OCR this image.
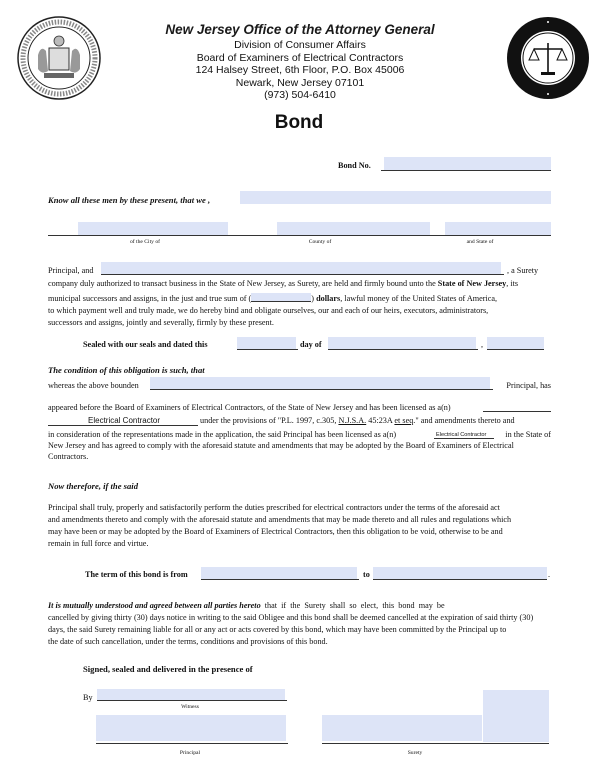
New Jersey Office of the Attorney General
Division of Consumer Affairs
Board of Examiners of Electrical Contractors
124 Halsey Street, 6th Floor, P.O. Box 45006
Newark, New Jersey 07101
(973) 504-6410
Bond
Bond No.
Know all these men by these present, that we ,
of the City of	County of	and State of
Principal, and	, a Surety
company duly authorized to transact business in the State of New Jersey, as Surety, are held and firmly bound unto the State of New Jersey, its
municipal successors and assigns, in the just and true sum of (	) dollars, lawful money of the United States of America,
to which payment well and truly made, we do hereby bind and obligate ourselves, our and each of our heirs, executors, administrators,
successors and assigns, jointly and severally, firmly by these present.
Sealed with our seals and dated this	day of	,
The condition of this obligation is such, that
whereas the above bounden	Principal, has
appeared before the Board of Examiners of Electrical Contractors, of the State of New Jersey and has been licensed as a(n)
Electrical Contractor	under the provisions of "P.L. 1997, c.305, N.J.S.A. 45:23A et seq." and amendments thereto and
in consideration of the representations made in the application, the said Principal has been licensed as a(n)	Electrical Contractor	in the State of
New Jersey and has agreed to comply with the aforesaid statute and amendments that may be adopted by the Board of Examiners of Electrical
Contractors.
Now therefore, if the said
Principal shall truly, properly and satisfactorily perform the duties prescribed for electrical contractors under the terms of the aforesaid act
and amendments thereto and comply with the aforesaid statute and amendments that may be made thereto and all rules and regulations which
may have been or may be adopted by the Board of Examiners of Electrical Contractors, then this obligation to be void, otherwise to be and
remain in full force and virtue.
The term of this bond is from	to	.
It is mutually understood and agreed between all parties hereto  that  if  the  Surety  shall  so  elect,  this  bond  may  be
cancelled by giving thirty (30) days notice in writing to the said Obligee and this bond shall be deemed cancelled at the expiration of said thirty (30)
days, the said Surety remaining liable for all or any act or acts covered by this bond, which may have been committed by the Principal up to
the date of such cancellation, under the terms, conditions and provisions of this bond.
Signed, sealed and delivered in the presence of
By
Witness
Principal	Surety
